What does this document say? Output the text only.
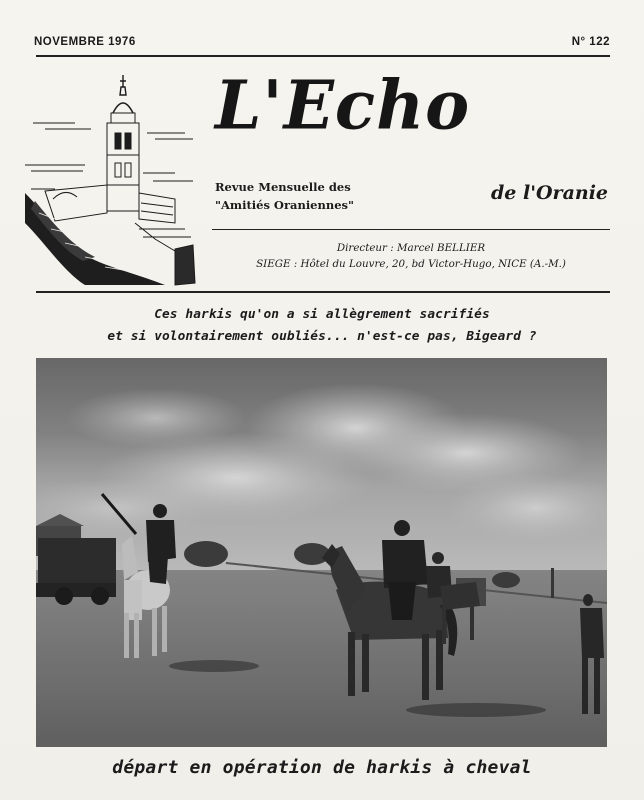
NOVEMBRE 1976	N° 122
L'Echo
Revue Mensuelle des
"Amitiés Oraniennes"
de l'Oranie
Directeur : Marcel BELLIER
SIEGE : Hôtel du Louvre, 20, bd Victor-Hugo, NICE (A.-M.)
Ces harkis qu'on a si allègrement sacrifiés
et si volontairement oubliés... n'est-ce pas, Bigeard ?
départ en opération de harkis à cheval
